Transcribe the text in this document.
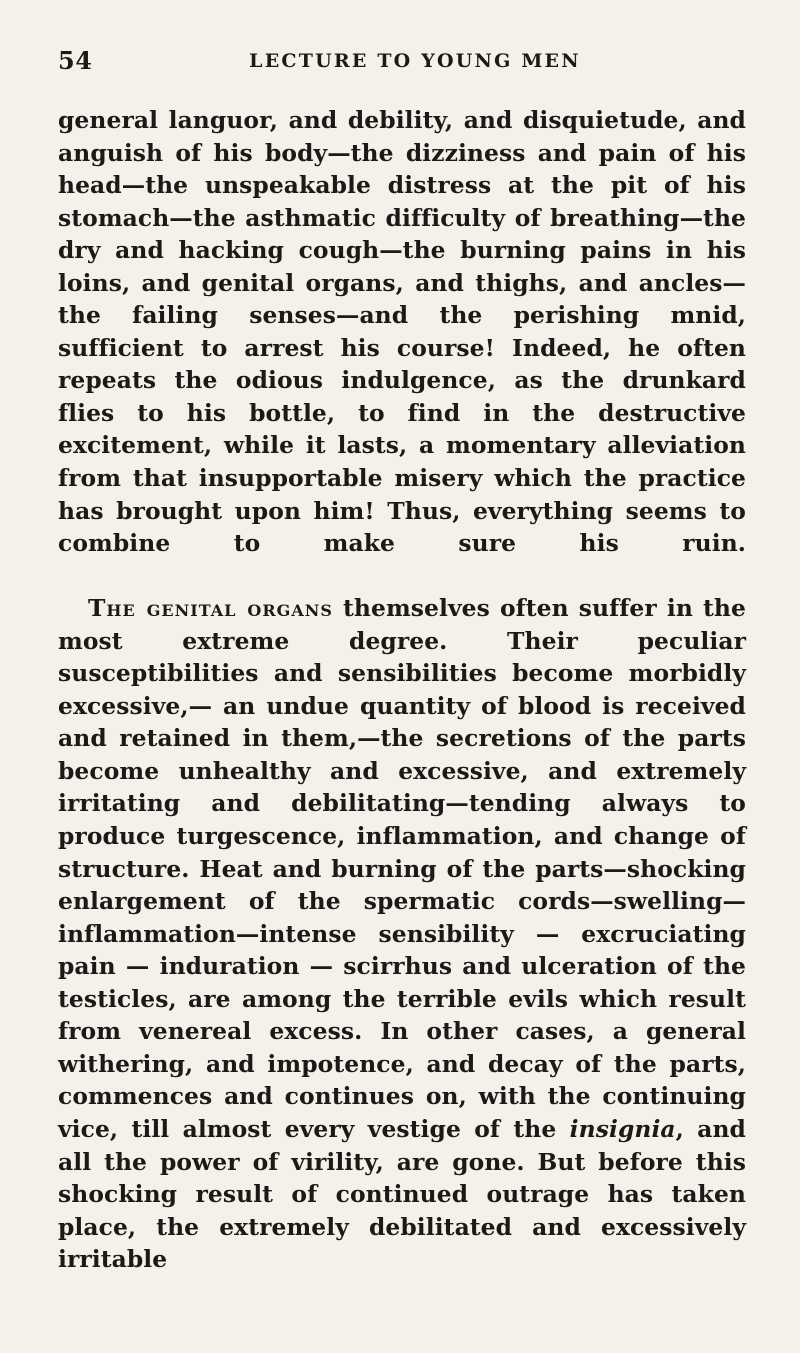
54	LECTURE TO YOUNG MEN

general languor, and debility, and disquietude, and anguish of his body—the dizziness and pain of his head—the unspeakable distress at the pit of his stomach—the asthmatic difficulty of breathing—the dry and hacking cough—the burning pains in his loins, and genital organs, and thighs, and ancles—the failing senses—and the perishing mnid, sufficient to arrest his course! Indeed, he often repeats the odious indulgence, as the drunkard flies to his bottle, to find in the destructive excitement, while it lasts, a momentary alleviation from that insupportable misery which the practice has brought upon him! Thus, everything seems to combine to make sure his ruin.

The genital organs themselves often suffer in the most extreme degree. Their peculiar susceptibilities and sensibilities become morbidly excessive,— an undue quantity of blood is received and retained in them,—the secretions of the parts become unhealthy and excessive, and extremely irritating and debilitating—tending always to produce turgescence, inflammation, and change of structure. Heat and burning of the parts—shocking enlargement of the spermatic cords—swelling—inflammation—intense sensibility — excruciating pain — induration — scirrhus and ulceration of the testicles, are among the terrible evils which result from venereal excess. In other cases, a general withering, and impotence, and decay of the parts, commences and continues on, with the continuing vice, till almost every vestige of the insignia, and all the power of virility, are gone. But before this shocking result of continued outrage has taken place, the extremely debilitated and excessively irritable
